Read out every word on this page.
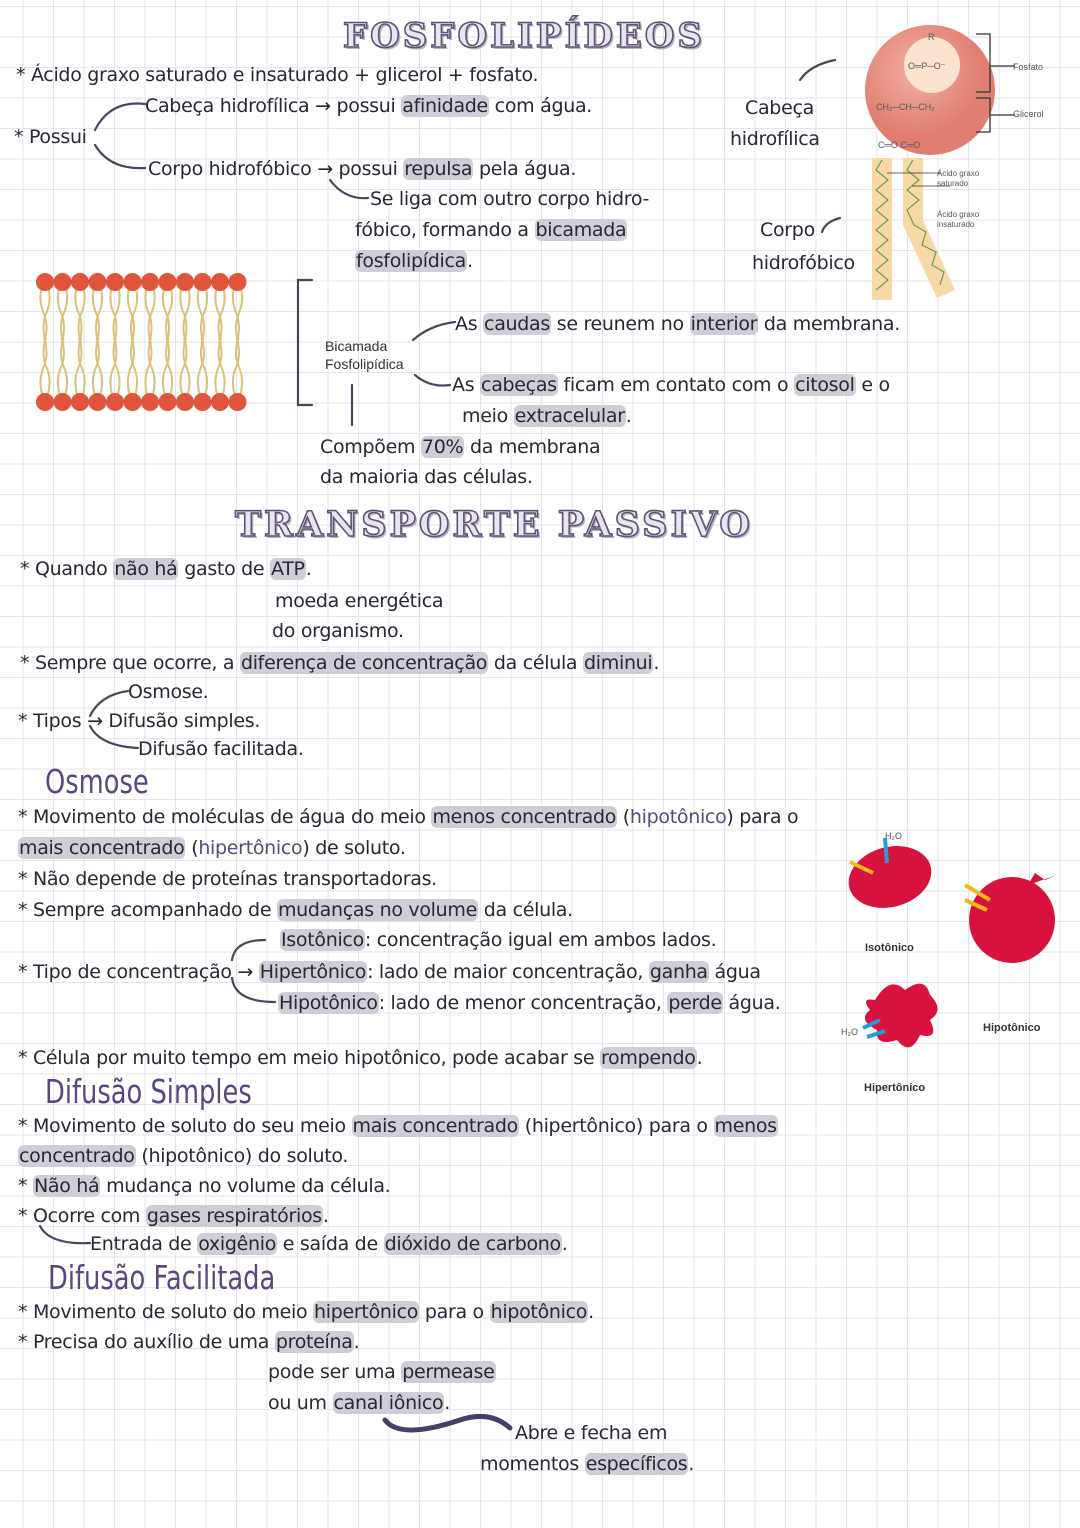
FOSFOLIPÍDEOS
TRANSPORTE PASSIVO
Osmose
Difusão Simples
Difusão Facilitada
* Ácido graxo saturado e insaturado + glicerol + fosfato.
Cabeça hidrofílica → possui afinidade com água.
* Possui
Corpo hidrofóbico → possui repulsa pela água.
Se liga com outro corpo hidro-
fóbico, formando a bicamada
fosfolipídica.
Cabeça
hidrofílica
Corpo
hidrofóbico
As caudas se reunem no interior da membrana.
As cabeças ficam em contato com o citosol e o
meio extracelular.
Compõem 70% da membrana
da maioria das células.
* Quando não há gasto de ATP.
moeda energética
do organismo.
* Sempre que ocorre, a diferença de concentração da célula diminui.
Osmose.
* Tipos → Difusão simples.
Difusão facilitada.
* Movimento de moléculas de água do meio menos concentrado (hipotônico) para o
mais concentrado (hipertônico) de soluto.
* Não depende de proteínas transportadoras.
* Sempre acompanhado de mudanças no volume da célula.
Isotônico: concentração igual em ambos lados.
* Tipo de concentração → Hipertônico: lado de maior concentração, ganha água
Hipotônico: lado de menor concentração, perde água.
* Célula por muito tempo em meio hipotônico, pode acabar se rompendo.
* Movimento de soluto do seu meio mais concentrado (hipertônico) para o menos
concentrado (hipotônico) do soluto.
* Não há mudança no volume da célula.
* Ocorre com gases respiratórios.
Entrada de oxigênio e saída de dióxido de carbono.
* Movimento de soluto do meio hipertônico para o hipotônico.
* Precisa do auxílio de uma proteína.
pode ser uma permease
ou um canal iônico.
Abre e fecha em
momentos específicos.
R
O═P─O⁻
CH₂─CH─CH₂
C═O C═O
Fosfato
Glicerol
Ácido graxo
saturado
Ácido graxo
insaturado
Bicamada
Fosfolipídica
H₂O
H₂O
Isotônico
Hipotônico
Hipertônico
